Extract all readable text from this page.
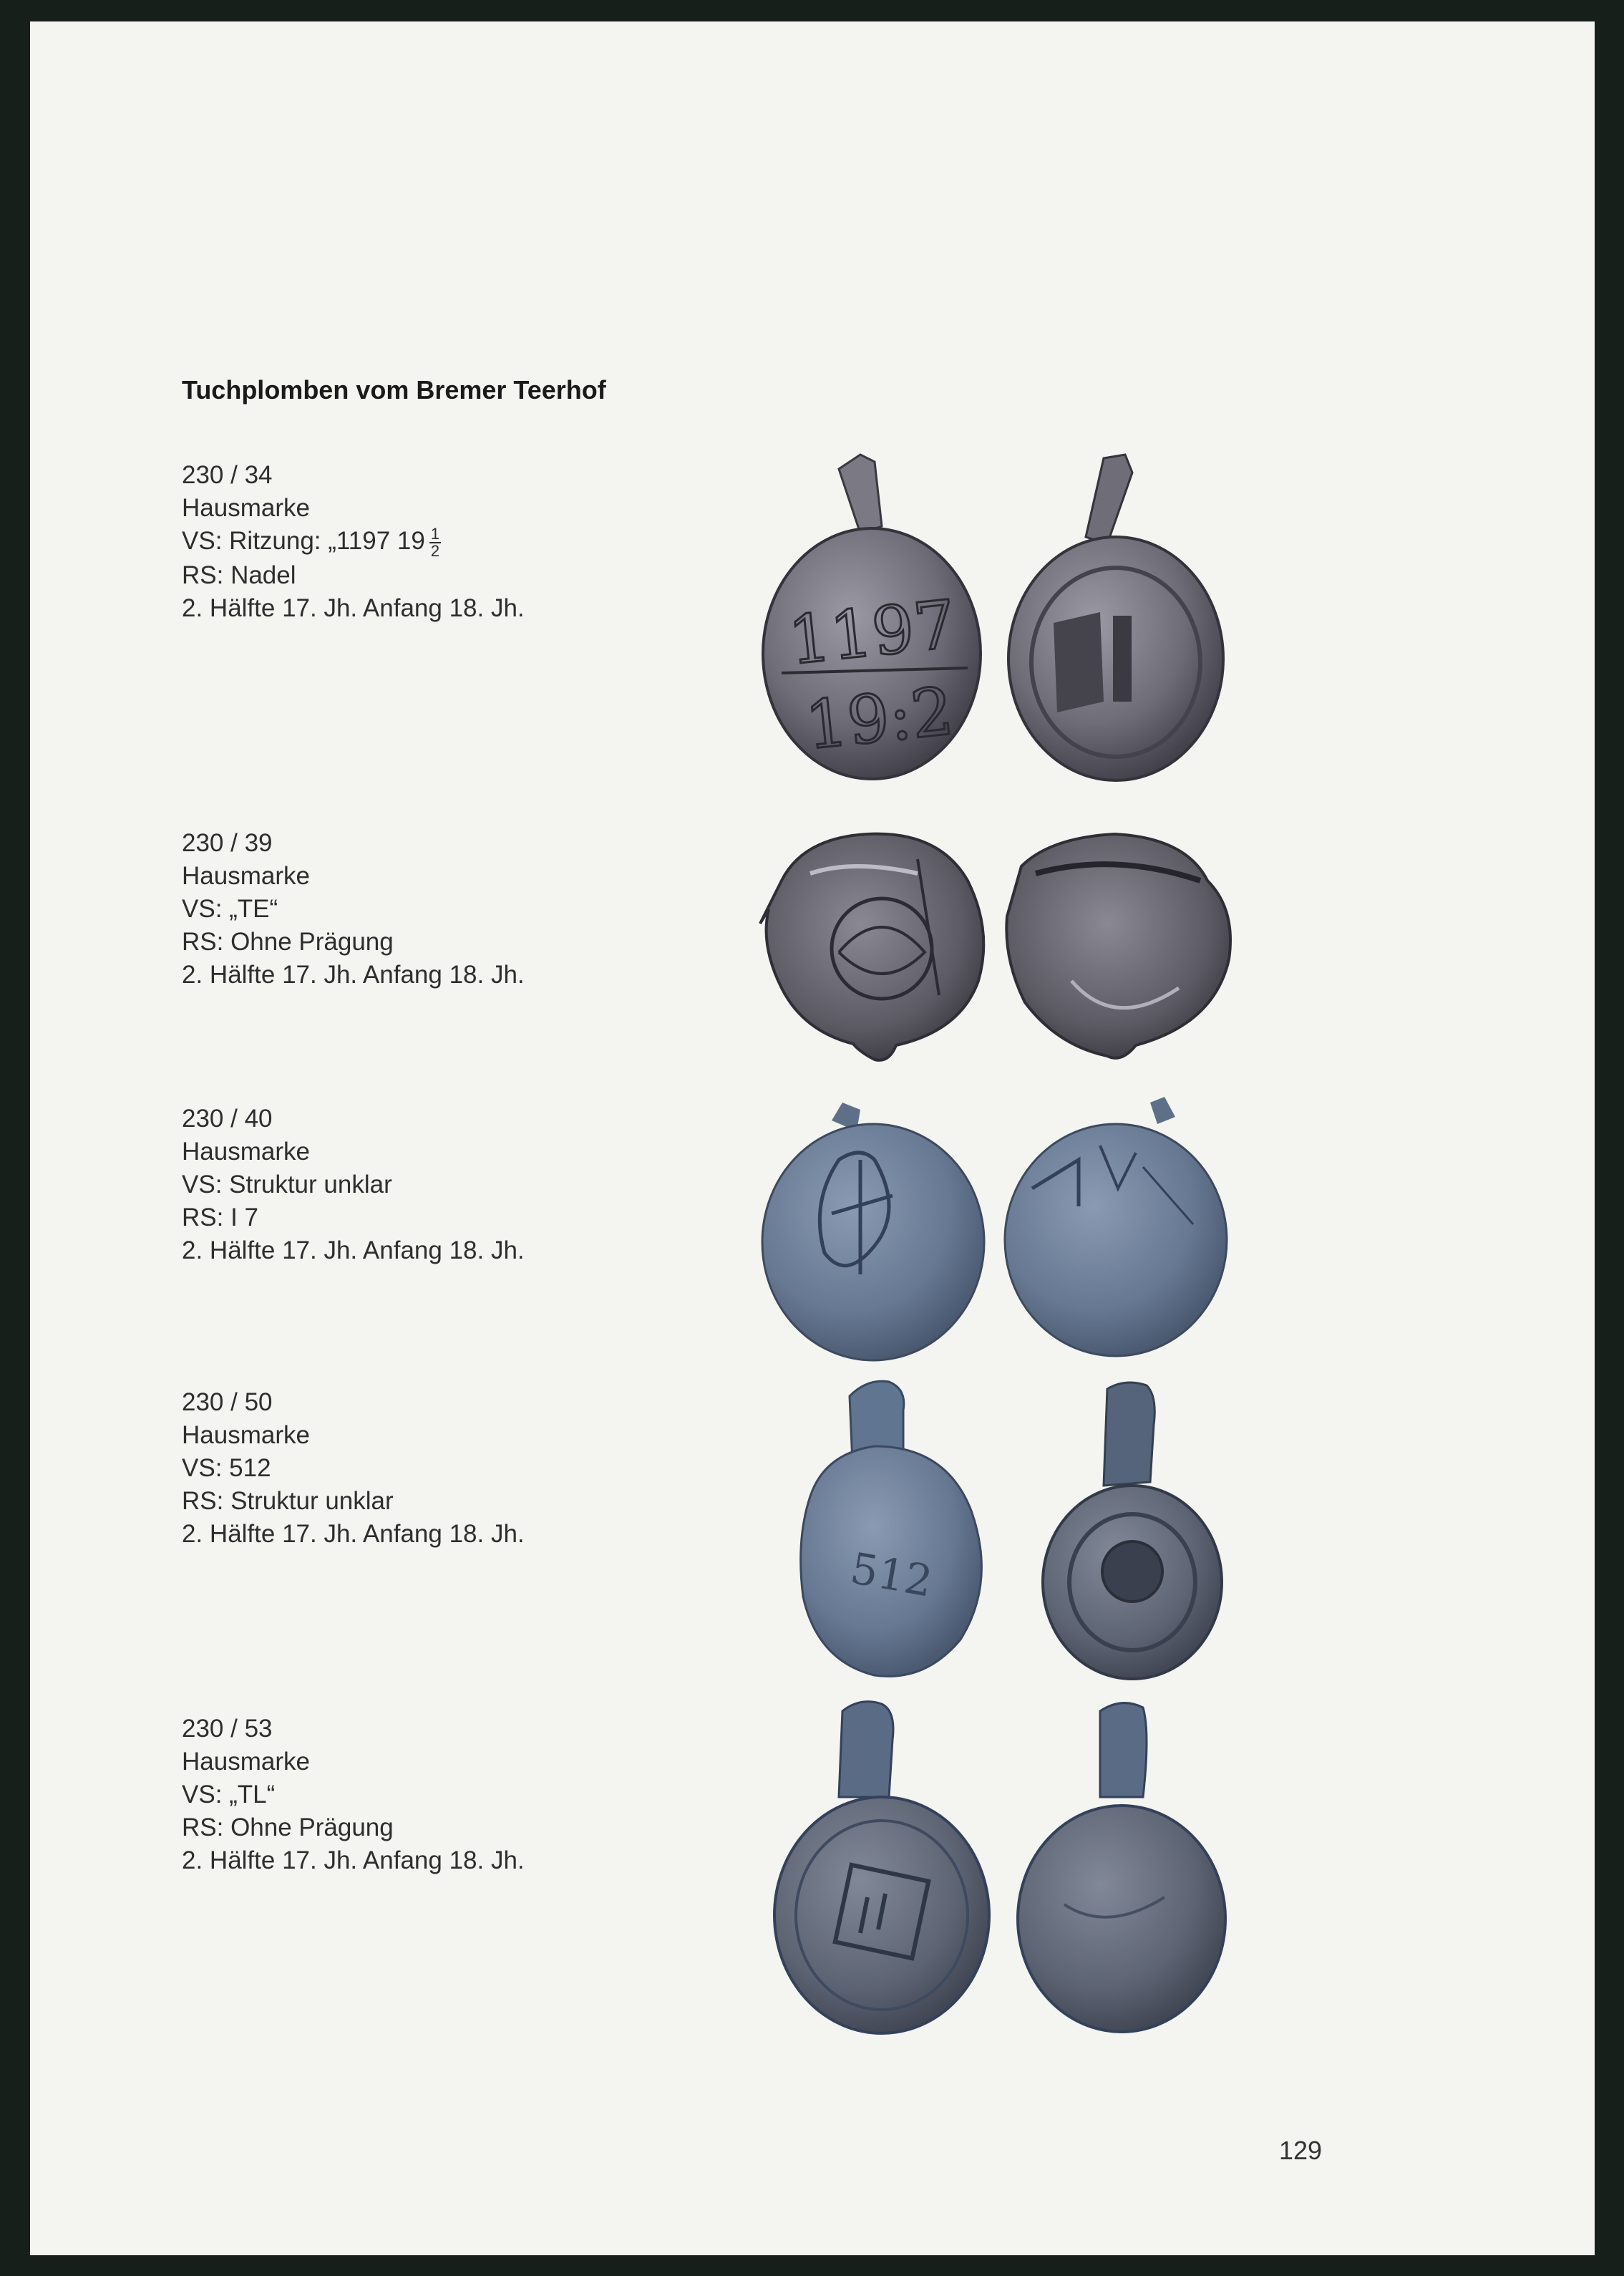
Tuchplomben vom Bremer Teerhof
230 / 34
Hausmarke
VS: Ritzung: „1197 $19 \frac{1}{2}$
RS: Nadel
2. Hälfte 17. Jh. Anfang 18. Jh.
230 / 39
Hausmarke
VS: „TE“
RS: Ohne Prägung
2. Hälfte 17. Jh. Anfang 18. Jh.
230 / 40
Hausmarke
VS: Struktur unklar
RS: I 7
2. Hälfte 17. Jh. Anfang 18. Jh.
230 / 50
Hausmarke
VS: 512
RS: Struktur unklar
2. Hälfte 17. Jh. Anfang 18. Jh.
230 / 53
Hausmarke
VS: „TL“
RS: Ohne Prägung
2. Hälfte 17. Jh. Anfang 18. Jh.
1197
19:2
512
129
